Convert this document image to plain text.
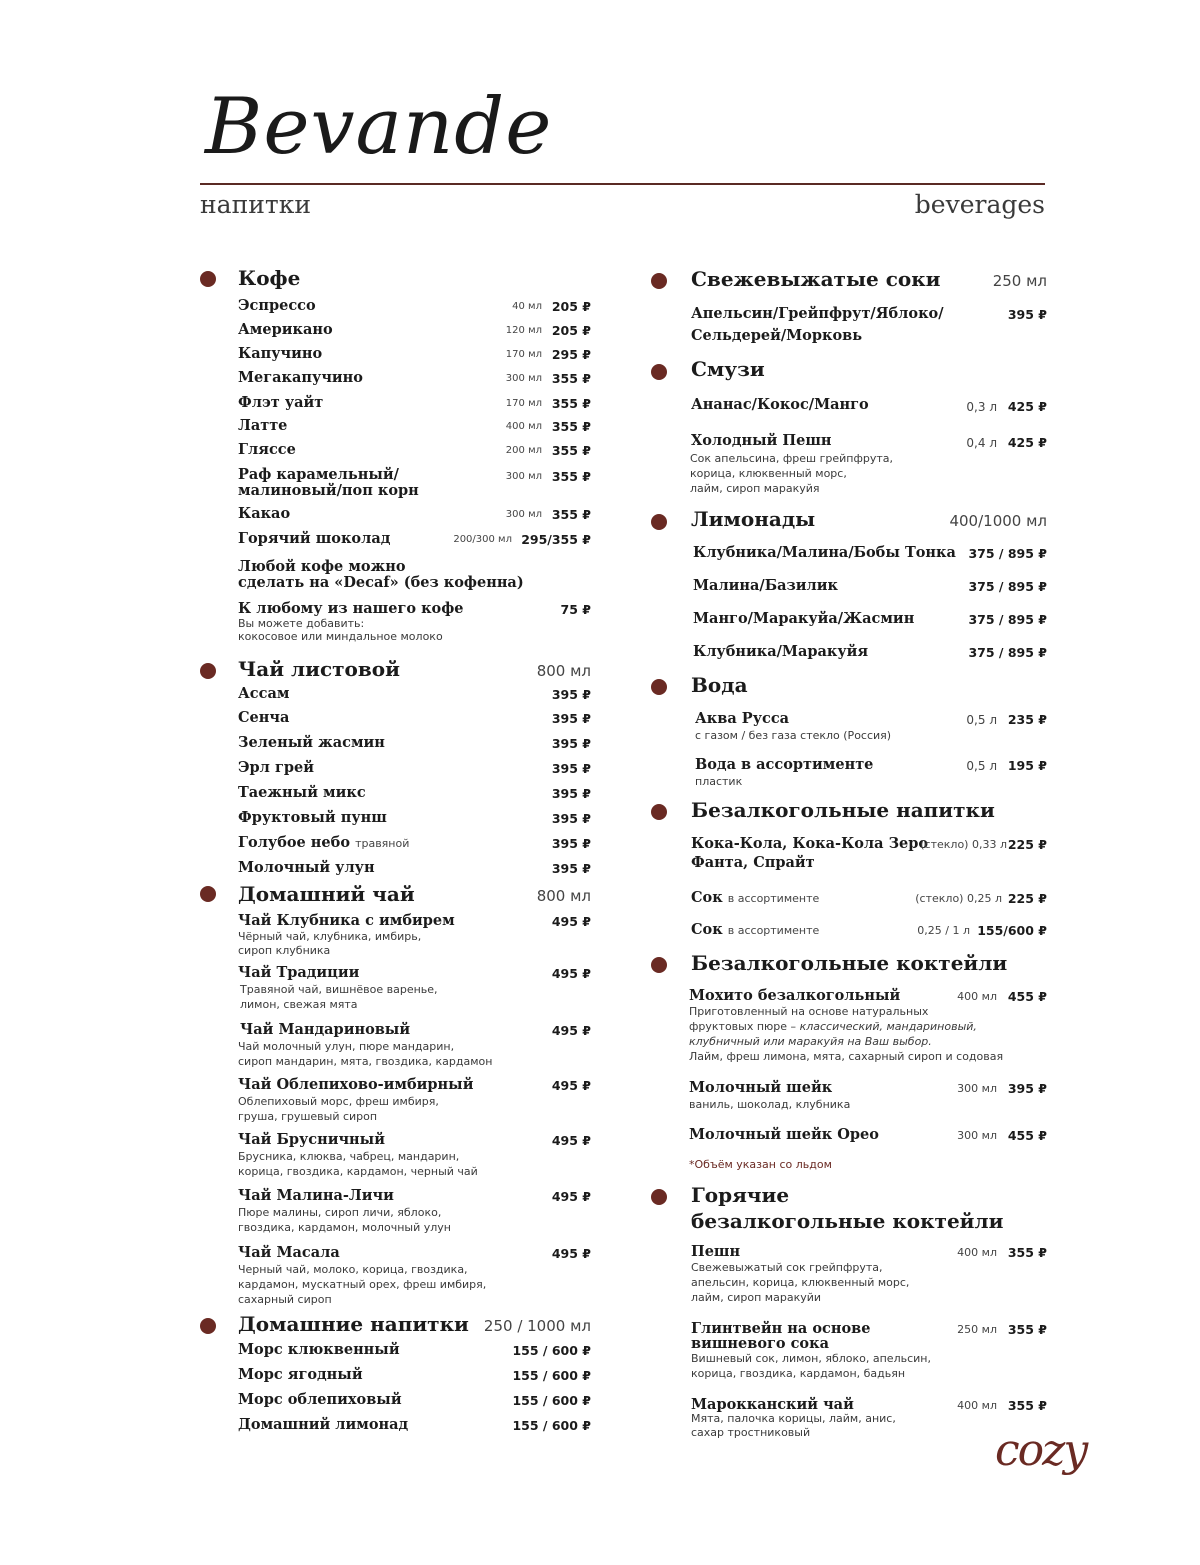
Bevande
напитки	beverages
Кофе
Эспрессо	40 мл 205 ₽
Американо	120 мл 205 ₽
Капучино	170 мл 295 ₽
Мегакапучино	300 мл 355 ₽
Флэт уайт	170 мл 355 ₽
Латте	400 мл 355 ₽
Гляссе	200 мл 355 ₽
Раф карамельный/
малиновый/поп корн
300 мл 355 ₽
Какао	300 мл 355 ₽
Горячий шоколад	200/300 мл 295/355 ₽
Любой кофе можно
сделать на «Decaf» (без кофенна)
К любому из нашего кофе	75 ₽
Вы можете добавить:
кокосовое или миндальное молоко
Чай листовой	800 мл
Ассам	395 ₽
Сенча	395 ₽
Зеленый жасмин	395 ₽
Эрл грей	395 ₽
Таежный микс	395 ₽
Фруктовый пунш	395 ₽
Голубое небо травяной	395 ₽
Молочный улун	395 ₽
Домашний чай	800 мл
Чай Клубника с имбирем	495 ₽
Чёрный чай, клубника, имбирь,
сироп клубника
Чай Традиции	495 ₽
Травяной чай, вишнёвое варенье,
лимон, свежая мята
Чай Мандариновый	495 ₽
Чай молочный улун, пюре мандарин,
сироп мандарин, мята, гвоздика, кардамон
Чай Облепихово-имбирный	495 ₽
Облепиховый морс, фреш имбиря,
груша, грушевый сироп
Чай Брусничный	495 ₽
Брусника, клюква, чабрец, мандарин,
корица, гвоздика, кардамон, черный чай
Чай Малина-Личи	495 ₽
Пюре малины, сироп личи, яблоко,
гвоздика, кардамон, молочный улун
Чай Масала	495 ₽
Черный чай, молоко, корица, гвоздика,
кардамон, мускатный орех, фреш имбиря,
сахарный сироп
Домашние напитки 250 / 1000 мл
Морс клюквенный	155 / 600 ₽
Морс ягодный	155 / 600 ₽
Морс облепиховый	155 / 600 ₽
Домашний лимонад	155 / 600 ₽
Свежевыжатые соки	250 мл
Апельсин/Грейпфрут/Яблоко/
Сельдерей/Морковь
395 ₽
Смузи
Ананас/Кокос/Манго	0,3 л 425 ₽
Холодный Пешн	0,4 л 425 ₽
Сок апельсина, фреш грейпфрута,
корица, клюквенный морс,
лайм, сироп маракуйя
Лимонады	400/1000 мл
Клубника/Малина/Бобы Тонка 375 / 895 ₽
Малина/Базилик	375 / 895 ₽
Манго/Маракуйа/Жасмин	375 / 895 ₽
Клубника/Маракуйя	375 / 895 ₽
Вода
Аква Русса	0,5 л 235 ₽
с газом / без газа стекло (Россия)
Вода в ассортименте	0,5 л 195 ₽
пластик
Безалкогольные напитки
Кока-Кола, Кока-Кола Зеро
Фанта, Спрайт
(стекло) 0,33 л 225 ₽
Сок в ассортименте	(стекло) 0,25 л 225 ₽
Сок в ассортименте	0,25 / 1 л 155/600 ₽
Безалкогольные коктейли
Мохито безалкогольный	400 мл 455 ₽
Приготовленный на основе натуральных
фруктовых пюре – классический, мандариновый,
клубничный или маракуйя на Ваш выбор.
Лайм, фреш лимона, мята, сахарный сироп и содовая
Молочный шейк	300 мл 395 ₽
ваниль, шоколад, клубника
Молочный шейк Орео	300 мл 455 ₽
*Объём указан со льдом
Горячие
безалкогольные коктейли
Пешн	400 мл 355 ₽
Свежевыжатый сок грейпфрута,
апельсин, корица, клюквенный морс,
лайм, сироп маракуйи
Глинтвейн на основе
вишневого сока
250 мл 355 ₽
Вишневый сок, лимон, яблоко, апельсин,
корица, гвоздика, кардамон, бадьян
Марокканский чай	400 мл 355 ₽
Мята, палочка корицы, лайм, анис,
сахар тростниковый	cozy
